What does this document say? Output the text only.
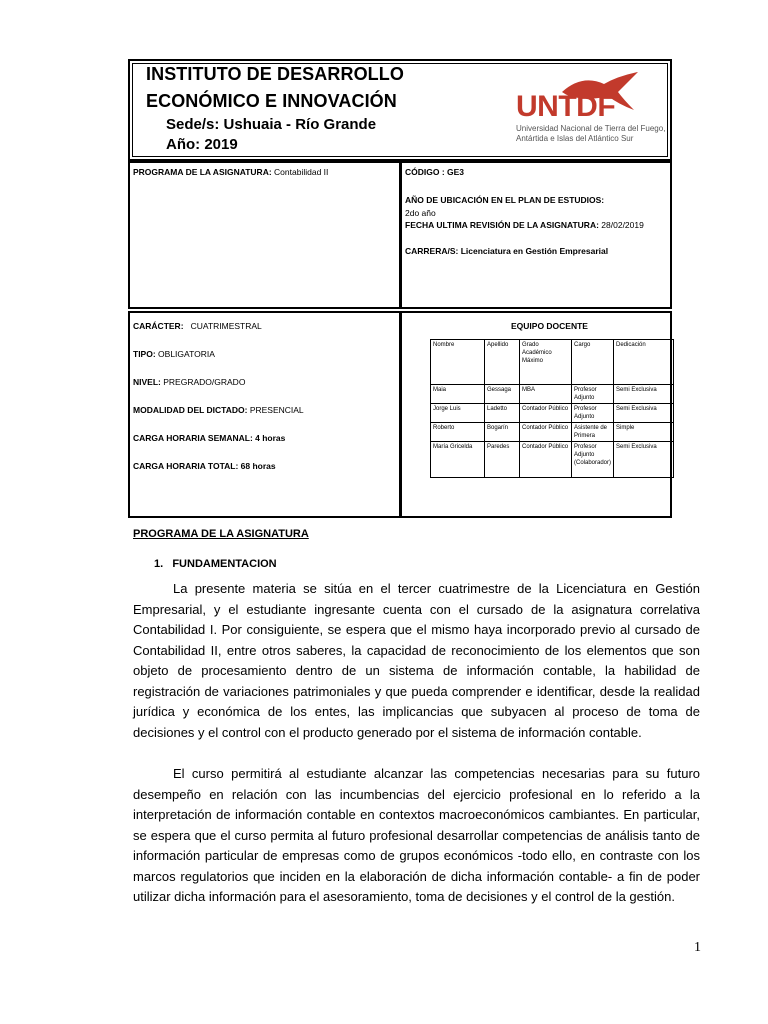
INSTITUTO DE DESARROLLO
ECONÓMICO E INNOVACIÓN
Sede/s: Ushuaia - Río Grande
Año: 2019
UNTDF
Universidad Nacional de Tierra del Fuego,
Antártida e Islas del Atlántico Sur
PROGRAMA DE LA ASIGNATURA: Contabilidad II	CÓDIGO : GE3
AÑO DE UBICACIÓN EN EL PLAN DE ESTUDIOS:
2do año
FECHA ULTIMA REVISIÓN DE LA ASIGNATURA: 28/02/2019
CARRERA/S: Licenciatura en Gestión Empresarial
CARÁCTER: CUATRIMESTRAL
TIPO: OBLIGATORIA
NIVEL: PREGRADO/GRADO
MODALIDAD DEL DICTADO: PRESENCIAL
CARGA HORARIA SEMANAL: 4 horas
CARGA HORARIA TOTAL: 68 horas
EQUIPO DOCENTE
Nombre	Apellido	Grado Académico Máximo	Cargo	Dedicación
Maia	Gessaga	MBA	Profesor Adjunto	Semi Exclusiva
Jorge Luis	Ladetto	Contador Público	Profesor Adjunto	Semi Exclusiva
Roberto	Bogarín	Contador Público	Asistente de Primera	Simple
María Gricelda	Paredes	Contador Público	Profesor Adjunto (Colaborador)	Semi Exclusiva
PROGRAMA DE LA ASIGNATURA
1.   FUNDAMENTACION

La presente materia se sitúa en el tercer cuatrimestre de la Licenciatura en Gestión Empresarial, y el estudiante ingresante cuenta con el cursado de la asignatura correlativa Contabilidad I. Por consiguiente, se espera que el mismo haya incorporado previo al cursado de Contabilidad II, entre otros saberes, la capacidad de reconocimiento de los elementos que son objeto de procesamiento dentro de un sistema de información contable, la habilidad de registración de variaciones patrimoniales y que pueda comprender e identificar, desde la realidad jurídica y económica de los entes, las implicancias que subyacen al proceso de toma de decisiones y el control con el producto generado por el sistema de información contable.

El curso permitirá al estudiante alcanzar las competencias necesarias para su futuro desempeño en relación con las incumbencias del ejercicio profesional en lo referido a la interpretación de información contable en contextos macroeconómicos cambiantes. En particular, se espera que el curso permita al futuro profesional desarrollar competencias de análisis tanto de información particular de empresas como de grupos económicos -todo ello, en contraste con los marcos regulatorios que inciden en la elaboración de dicha información contable- a fin de poder utilizar dicha información para el asesoramiento, toma de decisiones y el control de la gestión.

1
